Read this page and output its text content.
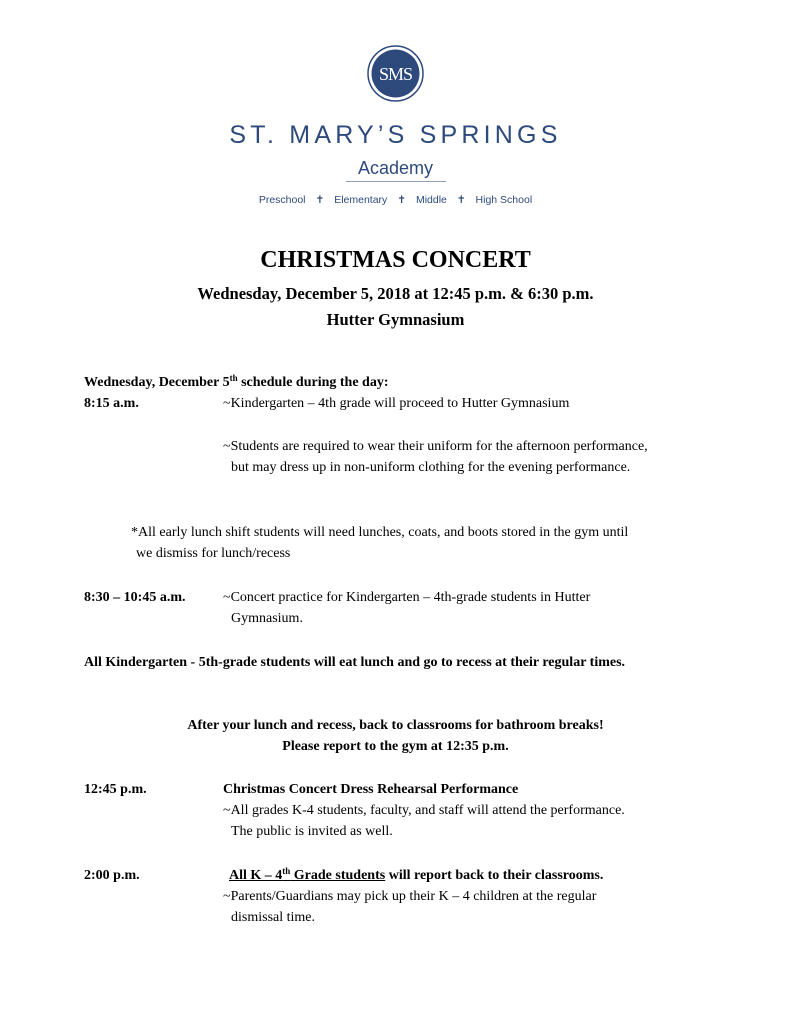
SMS
ST. MARY’S SPRINGS
Academy
Preschool ✝ Elementary ✝ Middle ✝ High School
CHRISTMAS CONCERT
Wednesday, December 5, 2018 at 12:45 p.m. & 6:30 p.m.
Hutter Gymnasium
Wednesday, December 5th schedule during the day:
8:15 a.m.	~Kindergarten – 4th grade will proceed to Hutter Gymnasium
~Students are required to wear their uniform for the afternoon performance,
but may dress up in non-uniform clothing for the evening performance.
*All early lunch shift students will need lunches, coats, and boots stored in the gym until
we dismiss for lunch/recess
8:30 – 10:45 a.m.	~Concert practice for Kindergarten – 4th-grade students in Hutter
Gymnasium.
All Kindergarten - 5th-grade students will eat lunch and go to recess at their regular times.
After your lunch and recess, back to classrooms for bathroom breaks!
Please report to the gym at 12:35 p.m.
12:45 p.m.	Christmas Concert Dress Rehearsal Performance
~All grades K-4 students, faculty, and staff will attend the performance.
The public is invited as well.
2:00 p.m.	All K – 4th Grade students will report back to their classrooms.
~Parents/Guardians may pick up their K – 4 children at the regular
dismissal time.
